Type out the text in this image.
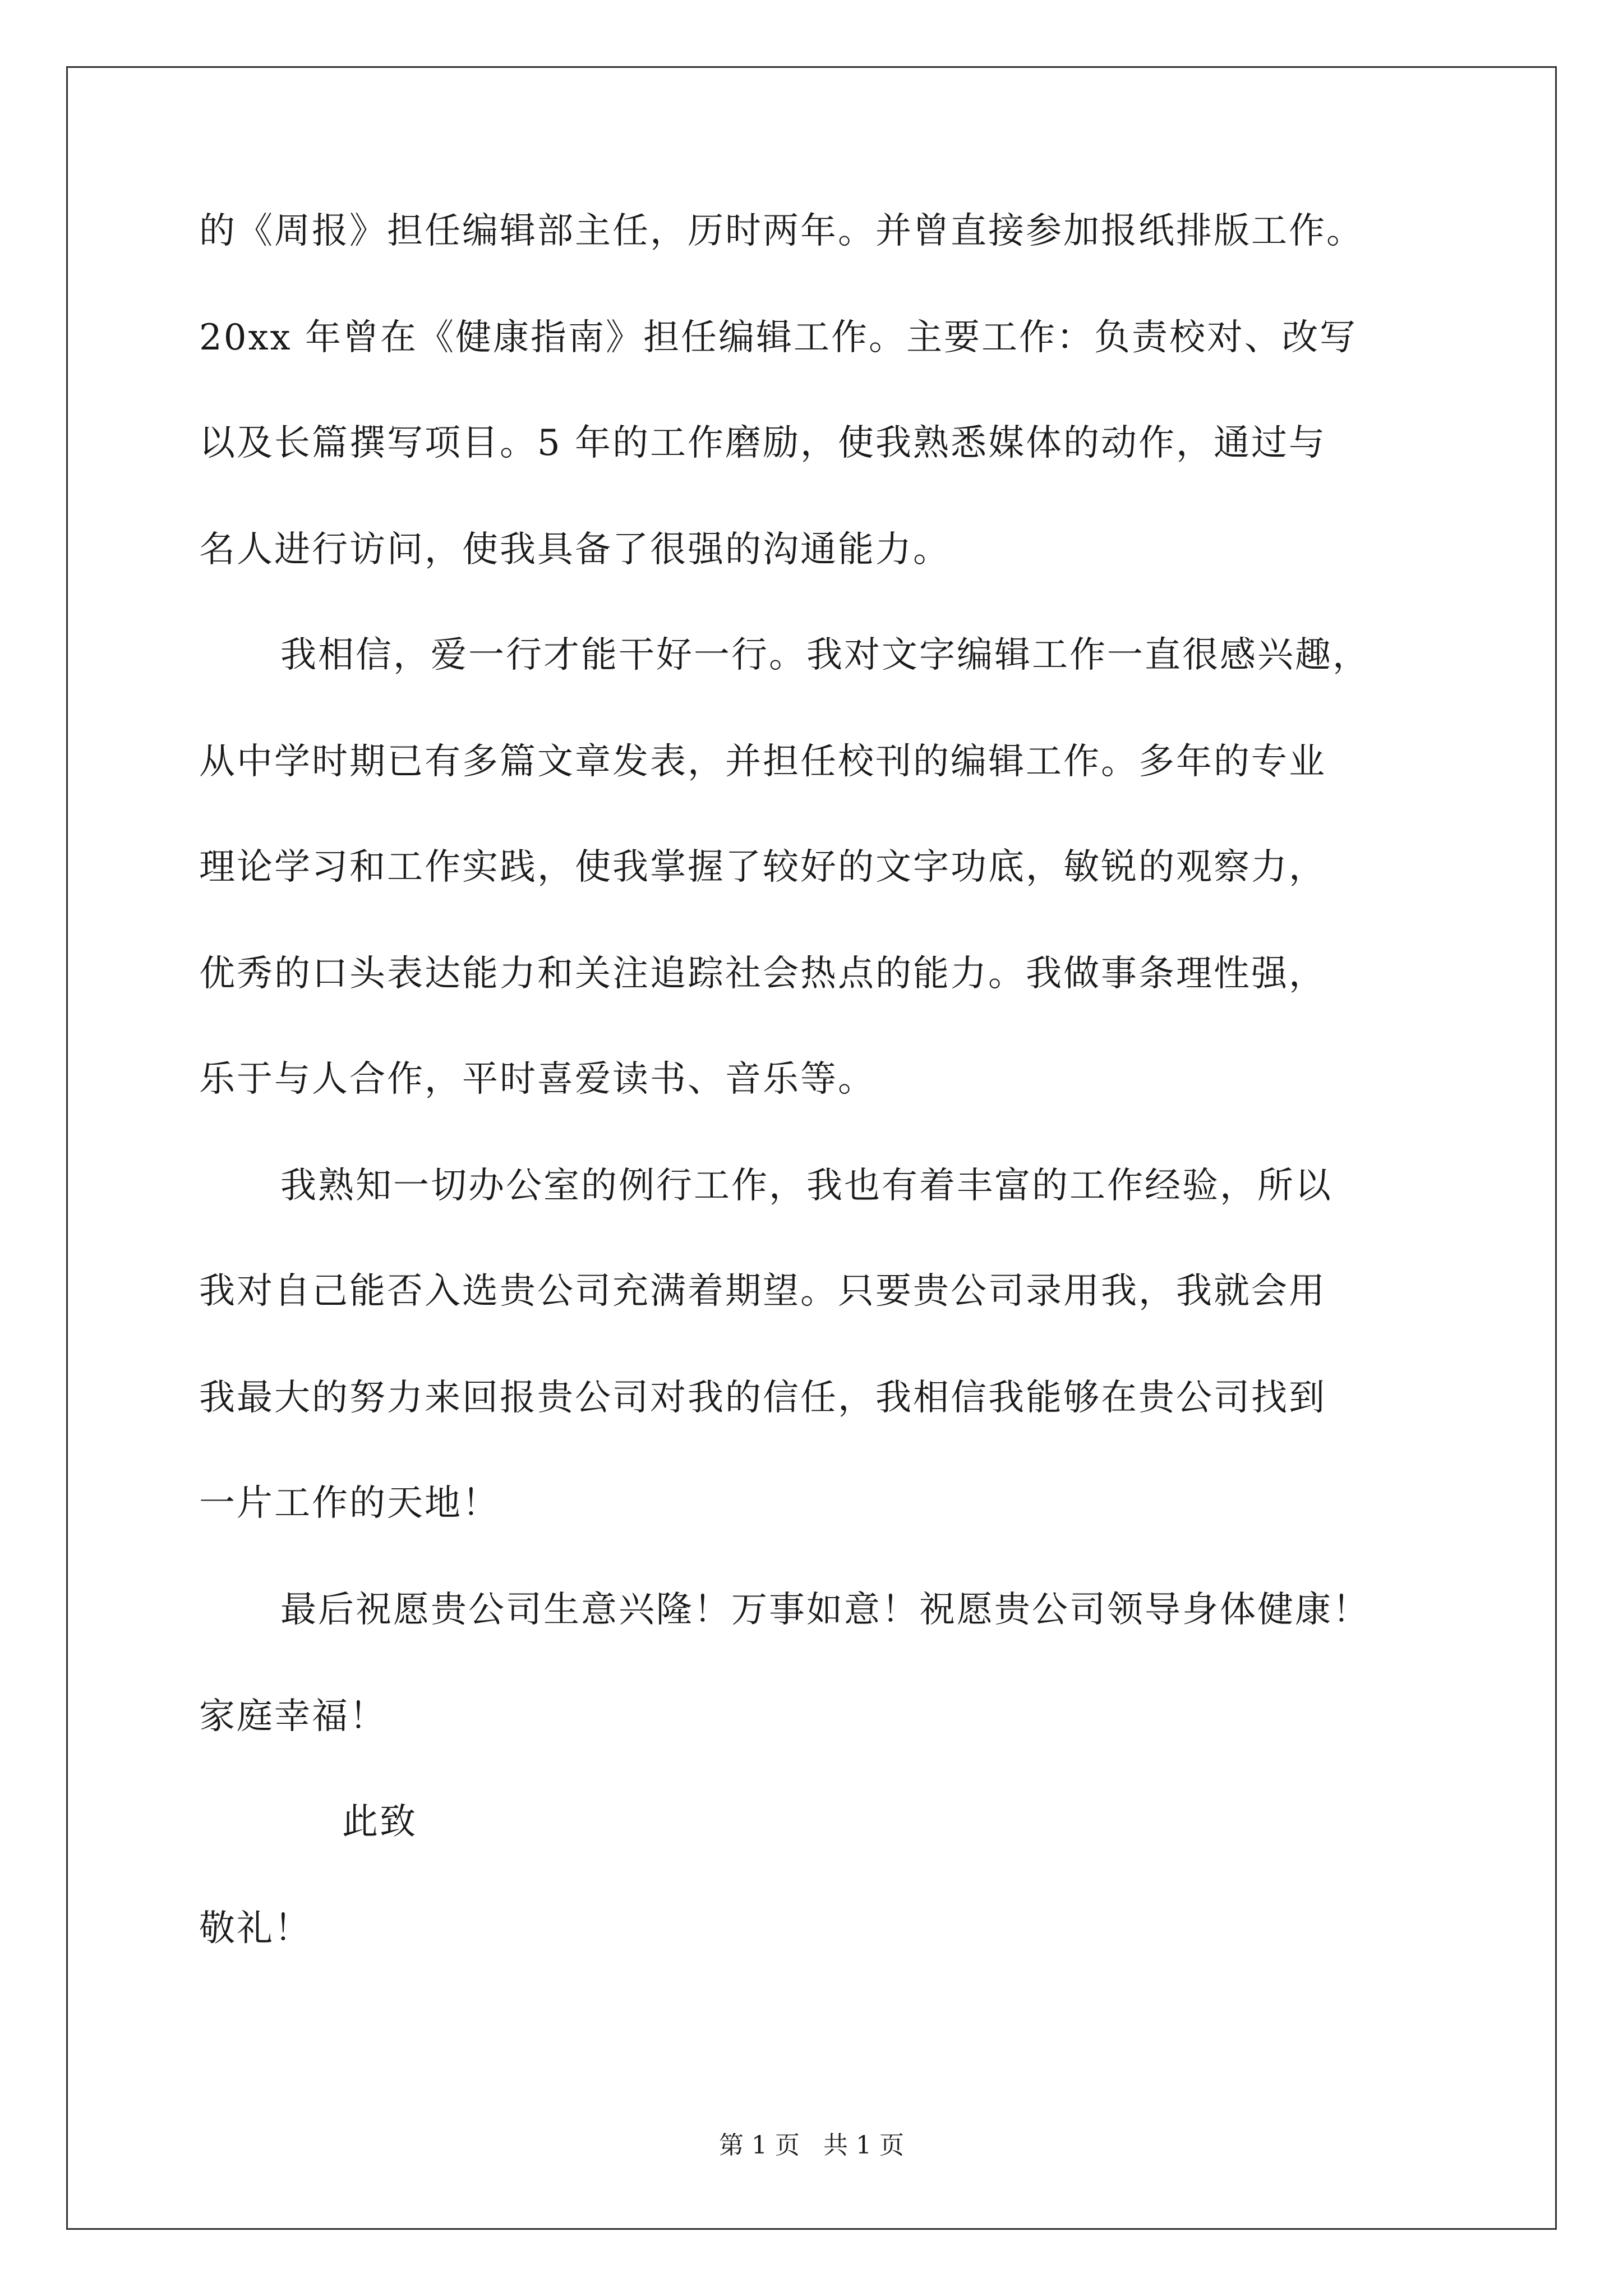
的《周报》担任编辑部主任，历时两年。并曾直接参加报纸排版工作。
20xx 年曾在《健康指南》担任编辑工作。主要工作：负责校对、改写
以及长篇撰写项目。5 年的工作磨励，使我熟悉媒体的动作，通过与
名人进行访问，使我具备了很强的沟通能力。
我相信，爱一行才能干好一行。我对文字编辑工作一直很感兴趣，
从中学时期已有多篇文章发表，并担任校刊的编辑工作。多年的专业
理论学习和工作实践，使我掌握了较好的文字功底，敏锐的观察力，
优秀的口头表达能力和关注追踪社会热点的能力。我做事条理性强，
乐于与人合作，平时喜爱读书、音乐等。
我熟知一切办公室的例行工作，我也有着丰富的工作经验，所以
我对自己能否入选贵公司充满着期望。只要贵公司录用我，我就会用
我最大的努力来回报贵公司对我的信任，我相信我能够在贵公司找到
一片工作的天地！
最后祝愿贵公司生意兴隆！万事如意！祝愿贵公司领导身体健康！
家庭幸福！
此致
敬礼！
第 1 页   共 1 页
